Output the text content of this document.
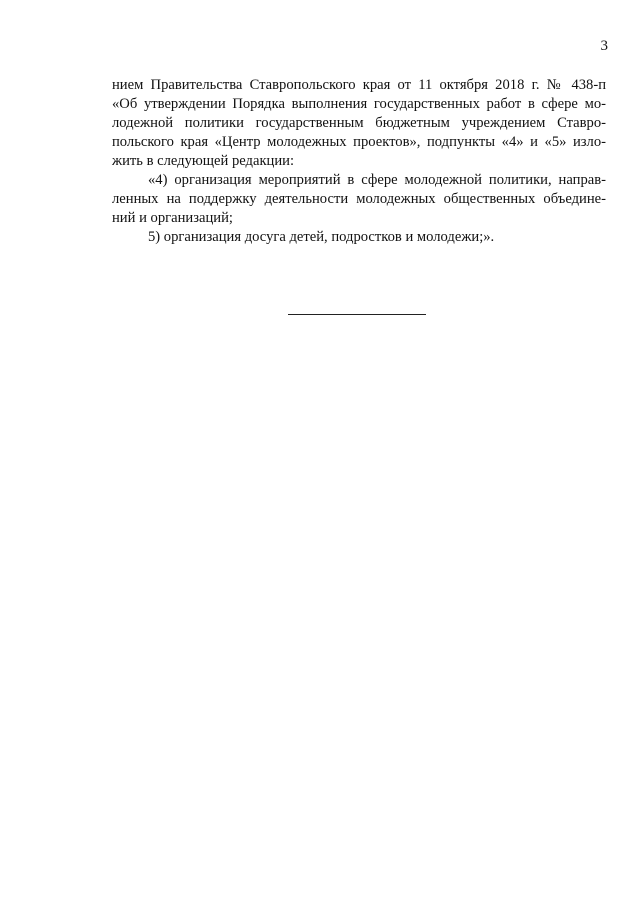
3
нием Правительства Ставропольского края от 11 октября 2018 г. № 438-п
«Об утверждении Порядка выполнения государственных работ в сфере мо-
лодежной политики государственным бюджетным учреждением Ставро-
польского края «Центр молодежных проектов», подпункты «4» и «5» изло-
жить в следующей редакции:
«4) организация мероприятий в сфере молодежной политики, направ-
ленных на поддержку деятельности молодежных общественных объедине-
ний и организаций;
5) организация досуга детей, подростков и молодежи;».
